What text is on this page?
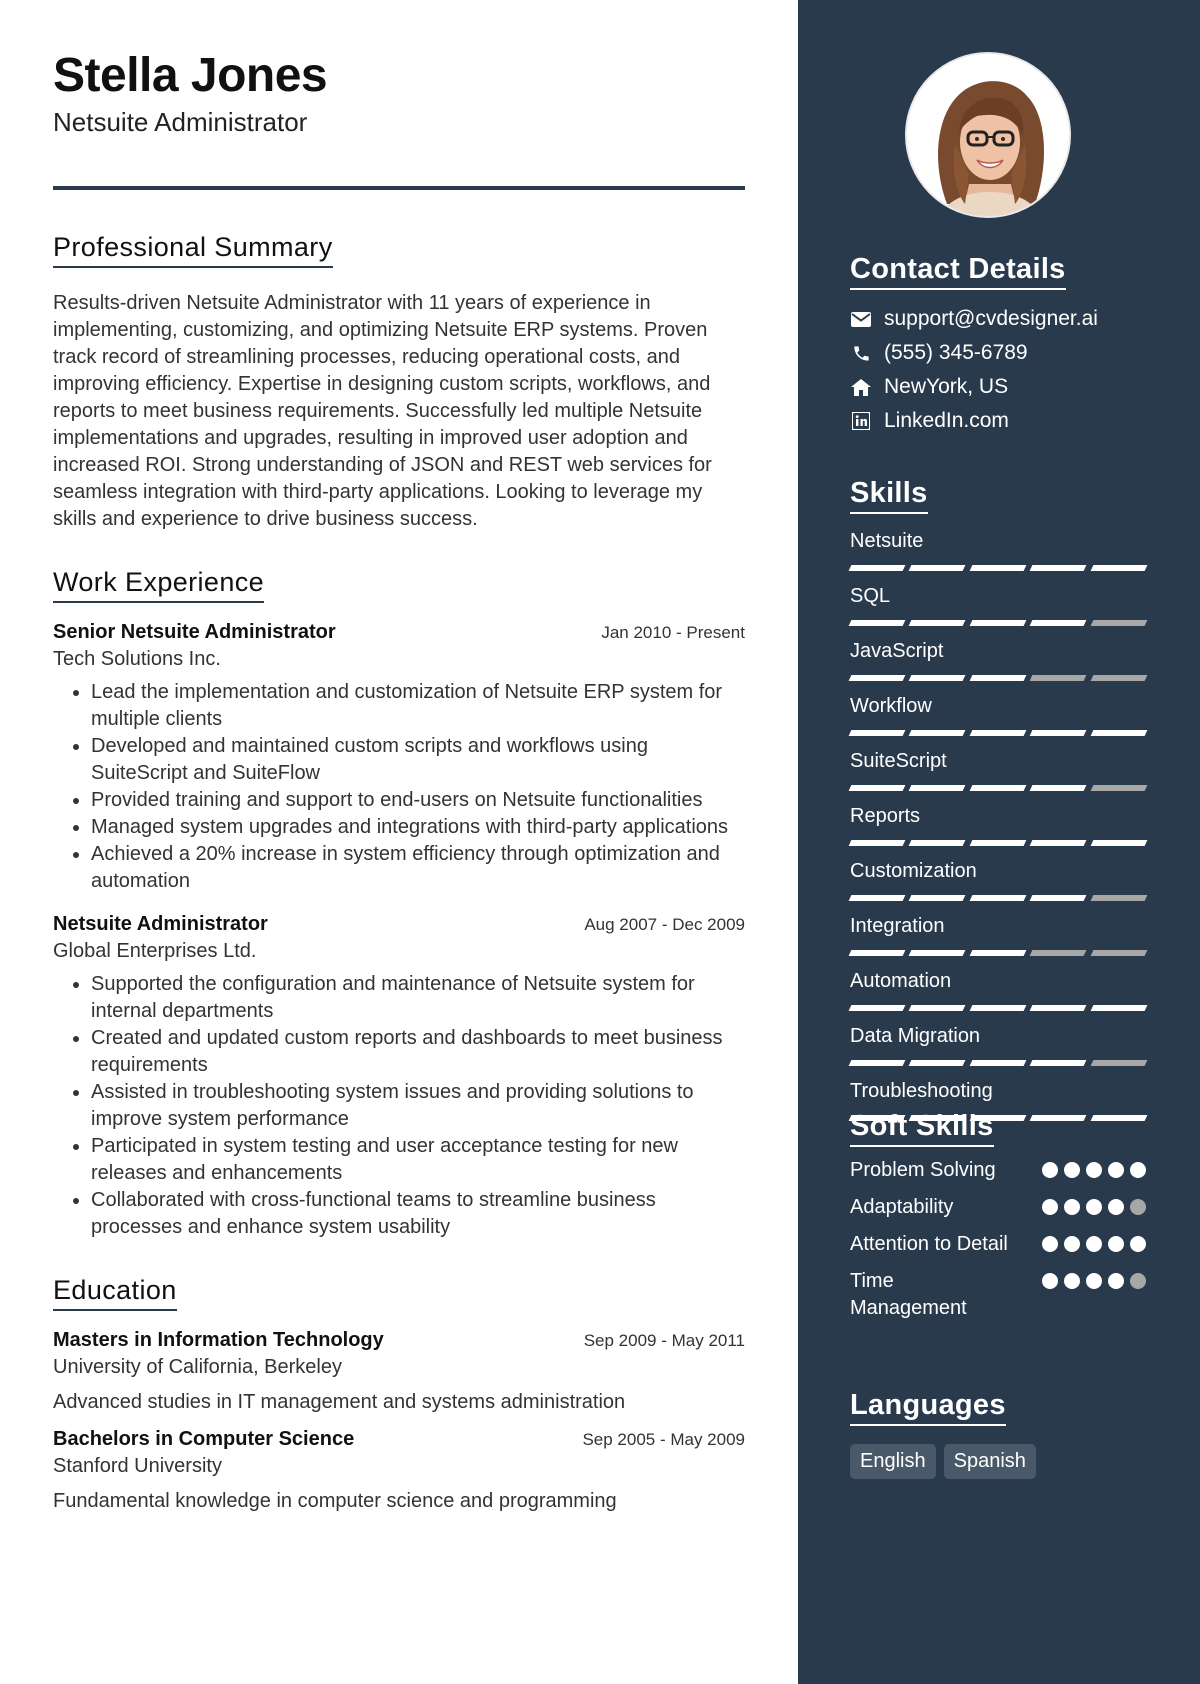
Stella Jones
Netsuite Administrator
Professional Summary

Results-driven Netsuite Administrator with 11 years of experience in implementing, customizing, and optimizing Netsuite ERP systems. Proven track record of streamlining processes, reducing operational costs, and improving efficiency. Expertise in designing custom scripts, workflows, and reports to meet business requirements. Successfully led multiple Netsuite implementations and upgrades, resulting in improved user adoption and increased ROI. Strong understanding of JSON and REST web services for seamless integration with third-party applications. Looking to leverage my skills and experience to drive business success.

Work Experience
Senior Netsuite Administrator	Jan 2010 - Present
Tech Solutions Inc.
• Lead the implementation and customization of Netsuite ERP system for multiple clients
• Developed and maintained custom scripts and workflows using SuiteScript and SuiteFlow
• Provided training and support to end-users on Netsuite functionalities
• Managed system upgrades and integrations with third-party applications
• Achieved a 20% increase in system efficiency through optimization and automation
Netsuite Administrator	Aug 2007 - Dec 2009
Global Enterprises Ltd.
• Supported the configuration and maintenance of Netsuite system for internal departments
• Created and updated custom reports and dashboards to meet business requirements
• Assisted in troubleshooting system issues and providing solutions to improve system performance
• Participated in system testing and user acceptance testing for new releases and enhancements
• Collaborated with cross-functional teams to streamline business processes and enhance system usability
Education
Masters in Information Technology	Sep 2009 - May 2011
University of California, Berkeley
Advanced studies in IT management and systems administration
Bachelors in Computer Science	Sep 2005 - May 2009
Stanford University
Fundamental knowledge in computer science and programming
Contact Details
support@cvdesigner.ai
(555) 345-6789
NewYork, US
LinkedIn.com
Skills
Netsuite
SQL
JavaScript
Workflow
SuiteScript
Reports
Customization
Integration
Automation
Data Migration
Troubleshooting
Soft Skills
Problem Solving
Adaptability
Attention to Detail
Time Management
Languages
English	Spanish
